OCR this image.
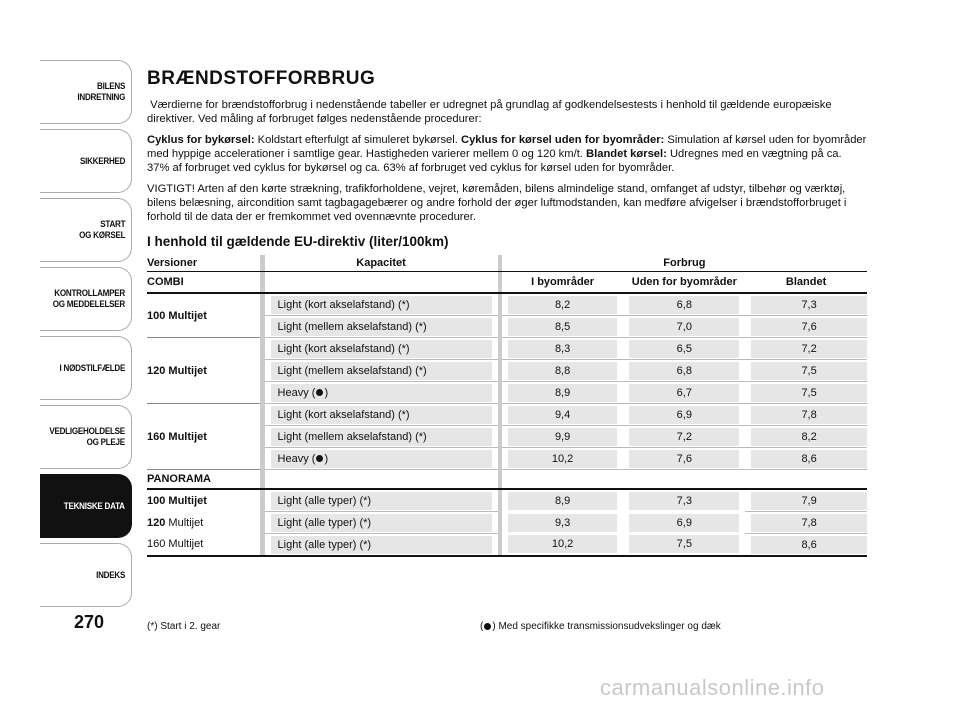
BILENS
INDRETNING
SIKKERHED
START
OG KØRSEL
KONTROLLAMPER
OG MEDDELELSER
I NØDSTILFÆLDE
VEDLIGEHOLDELSE
OG PLEJE
TEKNISKE DATA
INDEKS
270
BRÆNDSTOFFORBRUG

Værdierne for brændstofforbrug i nedenstående tabeller er udregnet på grundlag af godkendelsestests i henhold til gældende europæiske direktiver. Ved måling af forbruget følges nedenstående procedurer:

Cyklus for bykørsel: Koldstart efterfulgt af simuleret bykørsel. Cyklus for kørsel uden for byområder: Simulation af kørsel uden for byområder med hyppige accelerationer i samtlige gear. Hastigheden varierer mellem 0 og 120 km/t. Blandet kørsel: Udregnes med en vægtning på ca. 37% af forbruget ved cyklus for bykørsel og ca. 63% af forbruget ved cyklus for kørsel uden for byområder.

VIGTIGT! Arten af den kørte strækning, trafikforholdene, vejret, køremåden, bilens almindelige stand, omfanget af udstyr, tilbehør og værktøj, bilens belæsning, aircondition samt tagbagagebærer og andre forhold der øger luftmodstanden, kan medføre afvigelser i brændstofforbruget i forhold til de data der er fremkommet ved ovennævnte procedurer.

I henhold til gældende EU-direktiv (liter/100km)
Versioner		Kapacitet		Forbrug		
COMBI				I byområder	Uden for byområder	Blandet
100 Multijet		Light (kort akselafstand) (*)		8,2	6,8	7,3

		Light (mellem akselafstand) (*)		8,5	7,0	7,6

120 Multijet		Light (kort akselafstand) (*)		8,3	6,5	7,2

		Light (mellem akselafstand) (*)		8,8	6,8	7,5

		Heavy ( )		8,9	6,7	7,5

160 Multijet		Light (kort akselafstand) (*)		9,4	6,9	7,8

		Light (mellem akselafstand) (*)		9,9	7,2	8,2

		Heavy ( )		10,2	7,6	8,6

PANORAMA						
100 Multijet		Light (alle typer) (*)		8,9	7,3	7,9

120 Multijet		Light (alle typer) (*)		9,3	6,9	7,8

160 Multijet		Light (alle typer) (*)		10,2	7,5	8,6
(*) Start i 2. gear	( ) Med specifikke transmissionsudvekslinger og dæk
carmanualsonline.info
